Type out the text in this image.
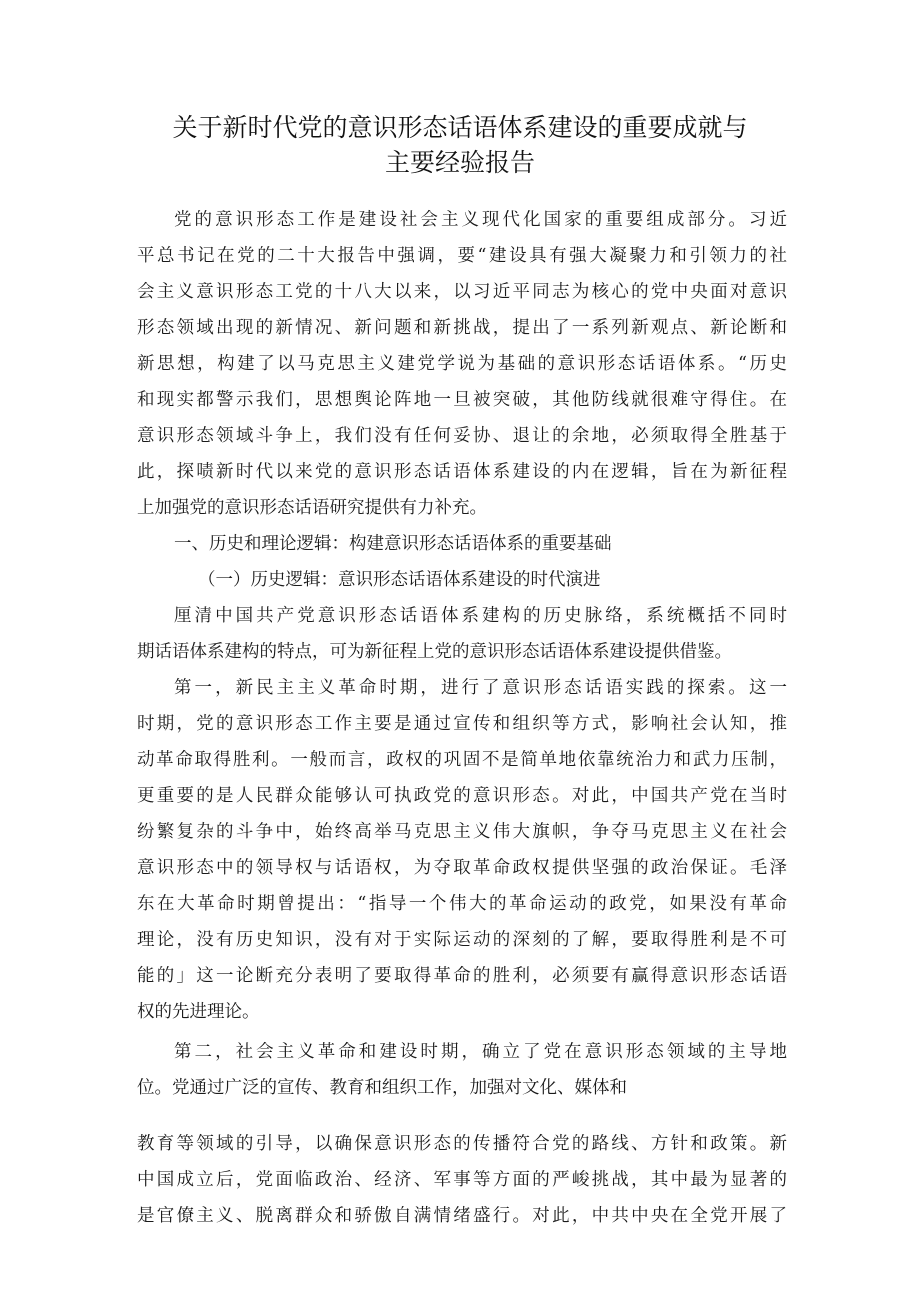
关于新时代党的意识形态话语体系建设的重要成就与
主要经验报告

党的意识形态工作是建设社会主义现代化国家的重要组成部分。习近

平总书记在党的二十大报告中强调，要“建设具有强大凝聚力和引领力的社

会主义意识形态工党的十八大以来，以习近平同志为核心的党中央面对意识

形态领域出现的新情况、新问题和新挑战，提出了一系列新观点、新论断和

新思想，构建了以马克思主义建党学说为基础的意识形态话语体系。“历史

和现实都警示我们，思想舆论阵地一旦被突破，其他防线就很难守得住。在

意识形态领域斗争上，我们没有任何妥协、退让的余地，必须取得全胜基于

此，探啧新时代以来党的意识形态话语体系建设的内在逻辑，旨在为新征程

上加强党的意识形态话语研究提供有力补充。

一、历史和理论逻辑：构建意识形态话语体系的重要基础

（一）历史逻辑：意识形态话语体系建设的时代演进

厘清中国共产党意识形态话语体系建构的历史脉络，系统概括不同时

期话语体系建构的特点，可为新征程上党的意识形态话语体系建设提供借鉴。

第一，新民主主义革命时期，进行了意识形态话语实践的探索。这一

时期，党的意识形态工作主要是通过宣传和组织等方式，影响社会认知，推

动革命取得胜利。一般而言，政权的巩固不是简单地依靠统治力和武力压制，

更重要的是人民群众能够认可执政党的意识形态。对此，中国共产党在当时

纷繁复杂的斗争中，始终高举马克思主义伟大旗帜，争夺马克思主义在社会

意识形态中的领导权与话语权，为夺取革命政权提供坚强的政治保证。毛泽

东在大革命时期曾提出：“指导一个伟大的革命运动的政党，如果没有革命

理论，没有历史知识，没有对于实际运动的深刻的了解，要取得胜利是不可

能的」这一论断充分表明了要取得革命的胜利，必须要有赢得意识形态话语

权的先进理论。

第二，社会主义革命和建设时期，确立了党在意识形态领域的主导地

位。党通过广泛的宣传、教育和组织工作，加强对文化、媒体和

教育等领域的引导，以确保意识形态的传播符合党的路线、方针和政策。新

中国成立后，党面临政治、经济、军事等方面的严峻挑战，其中最为显著的

是官僚主义、脱离群众和骄傲自满情绪盛行。对此，中共中央在全党开展了
